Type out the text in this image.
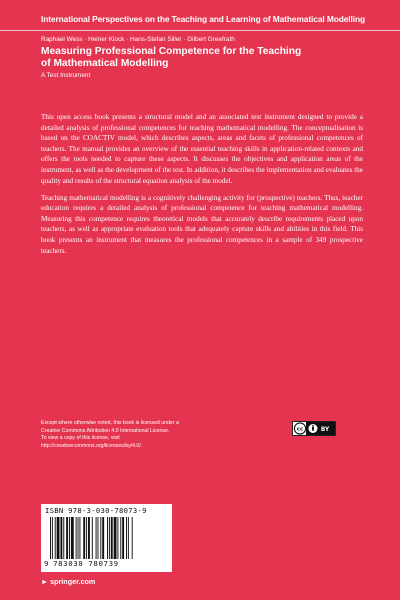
International Perspectives on the Teaching and Learning of Mathematical Modelling
Raphael Wess · Heiner Klock · Hans-Stefan Siller · Gilbert Greefrath
Measuring Professional Competence for the Teaching
of Mathematical Modelling
A Test Instrument

This open access book presents a structural model and an associated test instrument designed to provide a detailed analysis of professional competences for teaching mathematical modelling. The conceptualisation is based on the COACTIV model, which describes aspects, areas and facets of professional competences of teachers. The manual provides an overview of the essential teaching skills in application-related contexts and offers the tools needed to capture these aspects. It discusses the objectives and application areas of the instrument, as well as the development of the test. In addition, it describes the implementation and evaluates the quality and results of the structural equation analysis of the model.

Teaching mathematical modelling is a cognitively challenging activity for (prospective) teachers. Thus, teacher education requires a detailed analysis of professional competence for teaching mathematical modelling. Measuring this competence requires theoretical models that accurately describe requirements placed upon teachers, as well as appropriate evaluation tools that adequately capture skills and abilities in this field. This book presents an instrument that measures the professional competences in a sample of 349 prospective teachers.

Except where otherwise noted, this book is licensed under a
Creative Commons Attribution 4.0 International License.
To view a copy of this license, visit
http://creativecommons.org/licenses/by/4.0/.
cc	BY
ISBN 978-3-030-78073-9
9 783030 780739
► springer.com
